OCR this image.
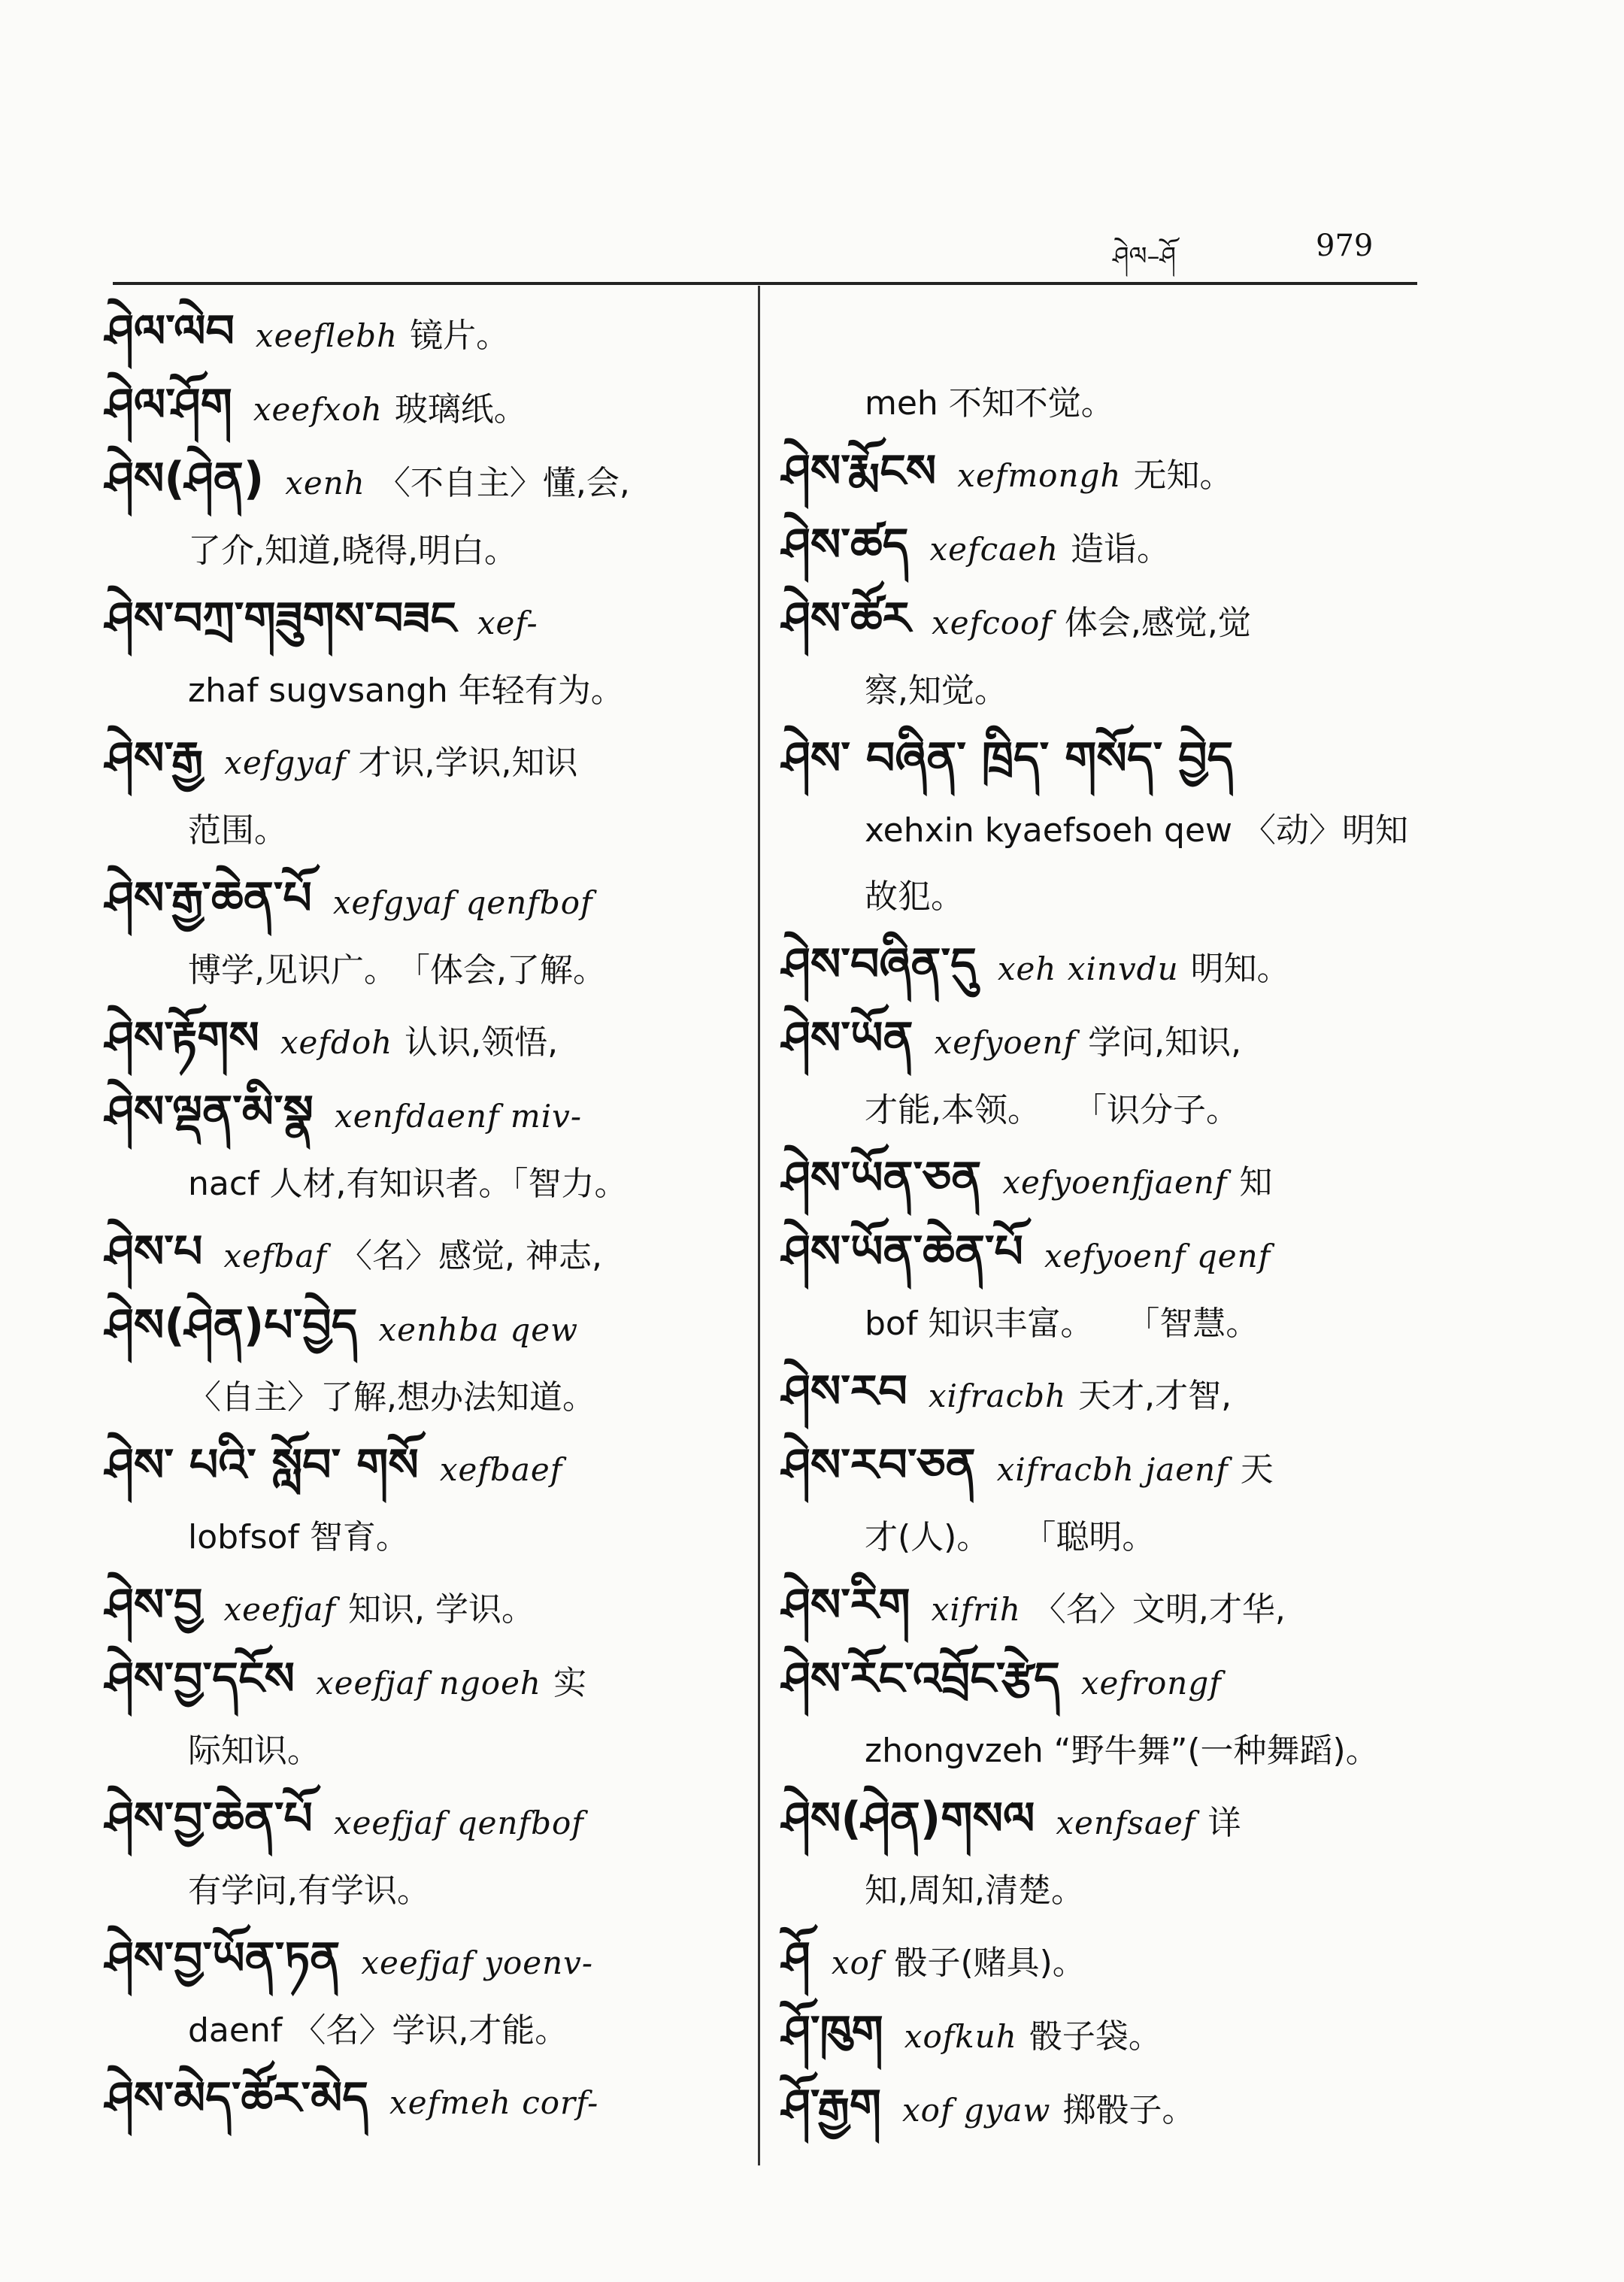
ཤེལ–ཤོ	979
ཤེལ་ལེབ xeeflebh 镜片。
ཤེལ་ཤོག xeefxoh 玻璃纸。
ཤེས(ཤེན) xenh 〈不自主〉懂,会,
了介,知道,晓得,明白。
ཤེས་བཀྲ་གཟུགས་བཟང xef-
zhaf sugvsangh 年轻有为。
ཤེས་རྒྱ xefgyaf 才识,学识,知识
范围。
ཤེས་རྒྱ་ཆེན་པོ xefgyaf qenfbof
博学,见识广。　「体会,了解。
ཤེས་རྟོགས xefdoh 认识,领悟,
ཤེས་ལྡན་མི་སྣ xenfdaenf miv-
nacf 人材,有知识者。「智力。
ཤེས་པ xefbaf 〈名〉感觉, 神志,
ཤེས(ཤེན)པ་བྱེད xenhba qew
〈自主〉了解,想办法知道。
ཤེས་ པའི་ སློབ་ གསོ xefbaef
lobfsof 智育。
ཤེས་བྱ xeefjaf 知识, 学识。
ཤེས་བྱ་དངོས xeefjaf ngoeh 实
际知识。
ཤེས་བྱ་ཆེན་པོ xeefjaf qenfbof
有学问,有学识。
ཤེས་བྱ་ཡོན་ཏན xeefjaf yoenv-
daenf 〈名〉学识,才能。
ཤེས་མེད་ཚོར་མེད xefmeh corf-
meh 不知不觉。
ཤེས་རྨོངས xefmongh 无知。
ཤེས་ཚད xefcaeh 造诣。
ཤེས་ཚོར xefcoof 体会,感觉,觉
察,知觉。
ཤེས་ བཞིན་ ཁྲིད་ གསོད་ བྱེད
xehxin kyaefsoeh qew 〈动〉明知故犯。
ཤེས་བཞིན་དུ xeh xinvdu 明知。
ཤེས་ཡོན xefyoenf 学问,知识,
才能,本领。　　「识分子。
ཤེས་ཡོན་ཅན xefyoenfjaenf 知
ཤེས་ཡོན་ཆེན་པོ xefyoenf qenf
bof 知识丰富。　　「智慧。
ཤེས་རབ xifracbh 天才,才智,
ཤེས་རབ་ཅན xifracbh jaenf 天
才(人)。　　「聪明。
ཤེས་རིག xifrih 〈名〉文明,才华,
ཤེས་རོང་འབྲོང་རྩེད xefrongf
zhongvzeh “野牛舞”(一种舞蹈)。
ཤེས(ཤེན)གསལ xenfsaef 详
知,周知,清楚。
ཤོ xof 骰子(赌具)。
ཤོ་ཁུག xofkuh 骰子袋。
ཤོ་རྒྱག xof gyaw 掷骰子。
